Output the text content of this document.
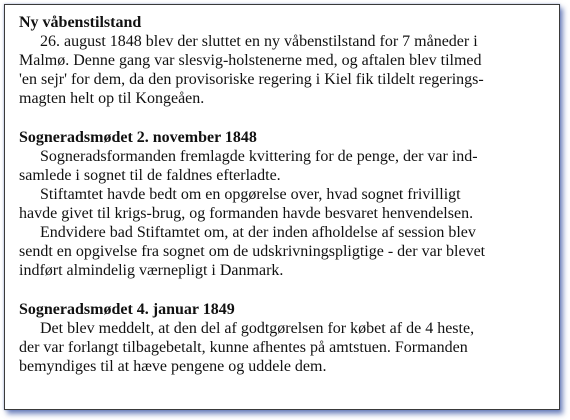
Ny våbenstilstand
26. august 1848 blev der sluttet en ny våbenstilstand for 7 måneder i
Malmø. Denne gang var slesvig-holstenerne med, og aftalen blev tilmed
'en sejr' for dem, da den provisoriske regering i Kiel fik tildelt regerings-
magten helt op til Kongeåen.
Sogneradsmødet 2. november 1848
Sogneradsformanden fremlagde kvittering for de penge, der var ind-
samlede i sognet til de faldnes efterladte.
Stiftamtet havde bedt om en opgørelse over, hvad sognet frivilligt
havde givet til krigs-brug, og formanden havde besvaret henvendelsen.
Endvidere bad Stiftamtet om, at der inden afholdelse af session blev
sendt en opgivelse fra sognet om de udskrivningspligtige - der var blevet
indført almindelig værnepligt i Danmark.
Sogneradsmødet 4. januar 1849
Det blev meddelt, at den del af godtgørelsen for købet af de 4 heste,
der var forlangt tilbagebetalt, kunne afhentes på amtstuen. Formanden
bemyndiges til at hæve pengene og uddele dem.
